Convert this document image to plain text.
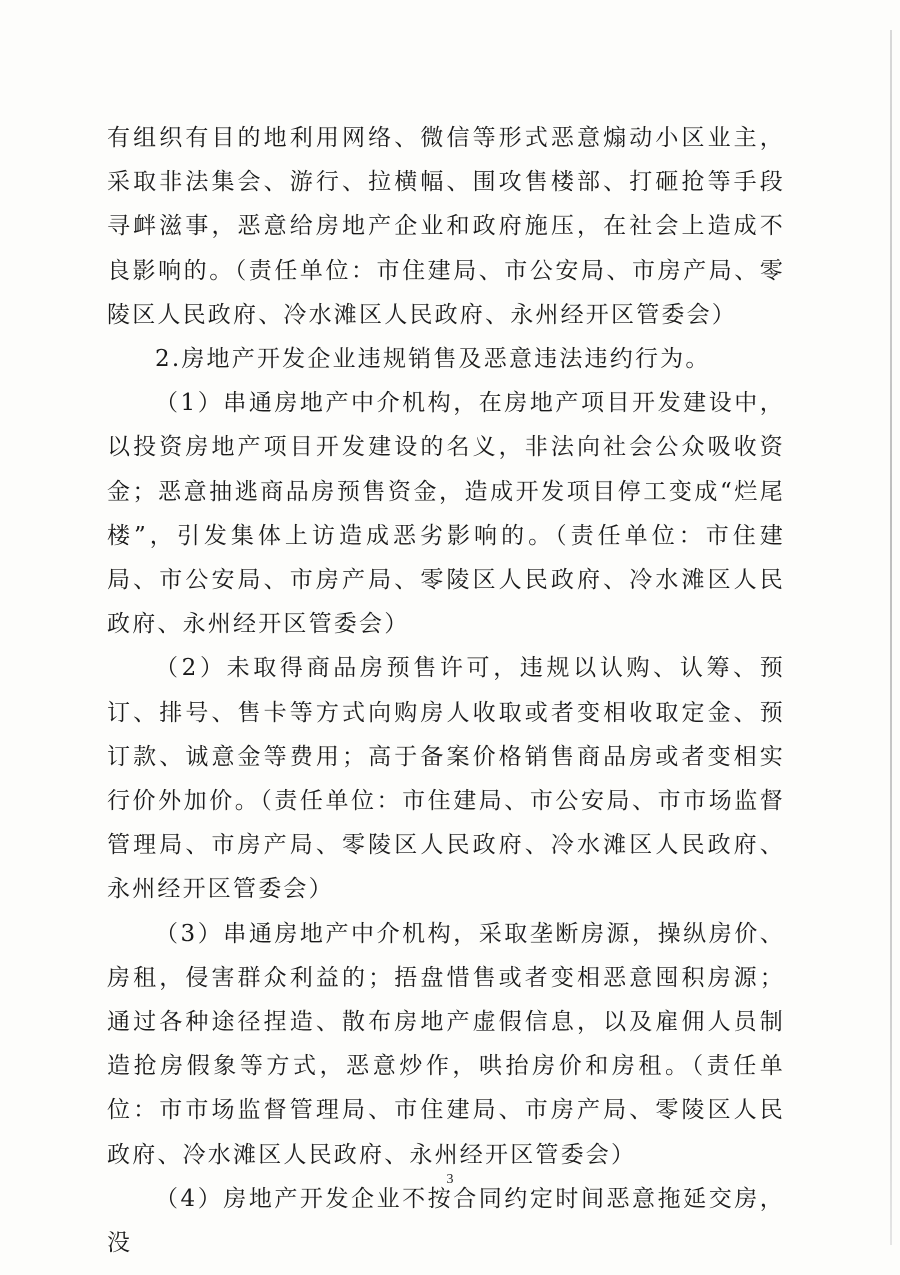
有组织有目的地利用网络、微信等形式恶意煽动小区业主，采取非法集会、游行、拉横幅、围攻售楼部、打砸抢等手段寻衅滋事，恶意给房地产企业和政府施压，在社会上造成不良影响的。（责任单位：市住建局、市公安局、市房产局、零陵区人民政府、冷水滩区人民政府、永州经开区管委会）

2.房地产开发企业违规销售及恶意违法违约行为。

（1）串通房地产中介机构，在房地产项目开发建设中，以投资房地产项目开发建设的名义，非法向社会公众吸收资金；恶意抽逃商品房预售资金，造成开发项目停工变成“烂尾楼”，引发集体上访造成恶劣影响的。（责任单位：市住建局、市公安局、市房产局、零陵区人民政府、冷水滩区人民政府、永州经开区管委会）

（2）未取得商品房预售许可，违规以认购、认筹、预订、排号、售卡等方式向购房人收取或者变相收取定金、预订款、诚意金等费用；高于备案价格销售商品房或者变相实行价外加价。（责任单位：市住建局、市公安局、市市场监督管理局、市房产局、零陵区人民政府、冷水滩区人民政府、永州经开区管委会）

（3）串通房地产中介机构，采取垄断房源，操纵房价、房租，侵害群众利益的；捂盘惜售或者变相恶意囤积房源；通过各种途径捏造、散布房地产虚假信息，以及雇佣人员制造抢房假象等方式，恶意炒作，哄抬房价和房租。（责任单位：市市场监督管理局、市住建局、市房产局、零陵区人民政府、冷水滩区人民政府、永州经开区管委会）

（4）房地产开发企业不按合同约定时间恶意拖延交房，没

3
